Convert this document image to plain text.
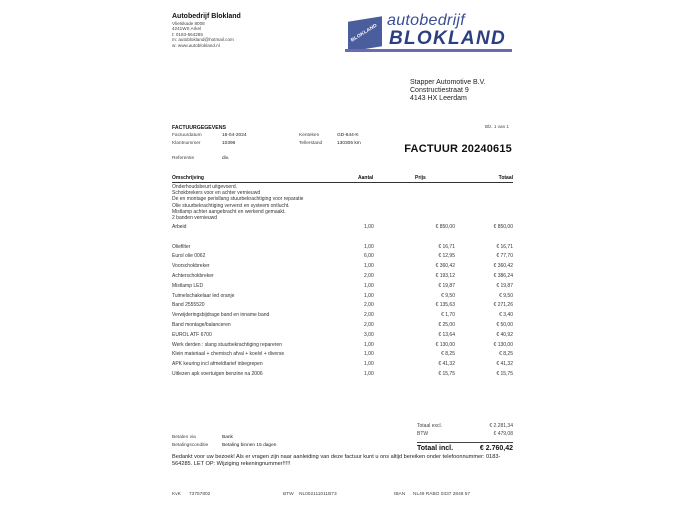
Autobedrijf Blokland
Vlietskade 8008
4241WS Arkel
t: 0183-564285
m: autoblokland@hotmail.com
w: www.autoblokland.nl
BLOKLAND
autobedrijf
BLOKLAND
Stapper Automotive B.V.
Constructiestraat 9
4143 HX Leerdam
Blz. 1 van 1
FACTUURGEGEVENS
Factuurdatum	16-04-2024
Klantnummer	10396
Kenteken	GD-644-K
Tellerstand	130305 km
Referentie	div.
FACTUUR 20240615
Omschrijving	Aantal	Prijs	Totaal
Onderhoudsbeurt uitgevoerd.
Schokbrekers voor en achter vernieuwd
De en montage perisllang stuurbekrachtiging voor reparatie
Olie stuurbekrachtiging ververst en systeem ontlucht.
Mistlamp achter aangebracht en werkend gemaakt.
2 banden vernieuwd
Arbeid	1,00	€ 850,00	€ 850,00
Oliefilter	1,00	€ 16,71	€ 16,71
Eurol olie 0062	6,00	€ 12,95	€ 77,70
Voorschokbreker	1,00	€ 360,42	€ 360,42
Achterschokbreker	2,00	€ 193,12	€ 386,24
Mistlamp LED	1,00	€ 19,87	€ 19,87
Tuimelschakelaar led oranje	1,00	€ 9,50	€ 9,50
Band 2555520	2,00	€ 135,63	€ 271,26
Verwijderingsbijdrage band en inname band	2,00	€ 1,70	€ 3,40
Band montage/balanceren	2,00	€ 25,00	€ 50,00
EUROL ATF 6700	3,00	€ 13,64	€ 40,92
Werk derden : slang stuurbekrachtiging repareren	1,00	€ 130,00	€ 130,00
Klein materiaal + chemisch afval + koelvl + diverse	1,00	€ 8,25	€ 8,25
APK keuring incl afmeldtarief inbegrepen	1,00	€ 41,32	€ 41,32
Uitlezen apk voertuigen benzine na 2006	1,00	€ 15,75	€ 15,75
Betalen via	Bank
Betalingsconditie	Betaling binnen 15 dagen
Totaal excl.	€ 2.281,34
BTW	€ 479,08
Totaal incl.	€ 2.760,42
Bedankt voor uw bezoek! Als er vragen zijn naar aanleiding van deze factuur kunt u ons altijd bereiken onder telefoonnummer: 0183-564285. LET OP: Wijziging rekeningnummer!!!!!
KvK 73757802	BTW NL002111011B73	IBAN NL49 RABO 0337 2848 57
